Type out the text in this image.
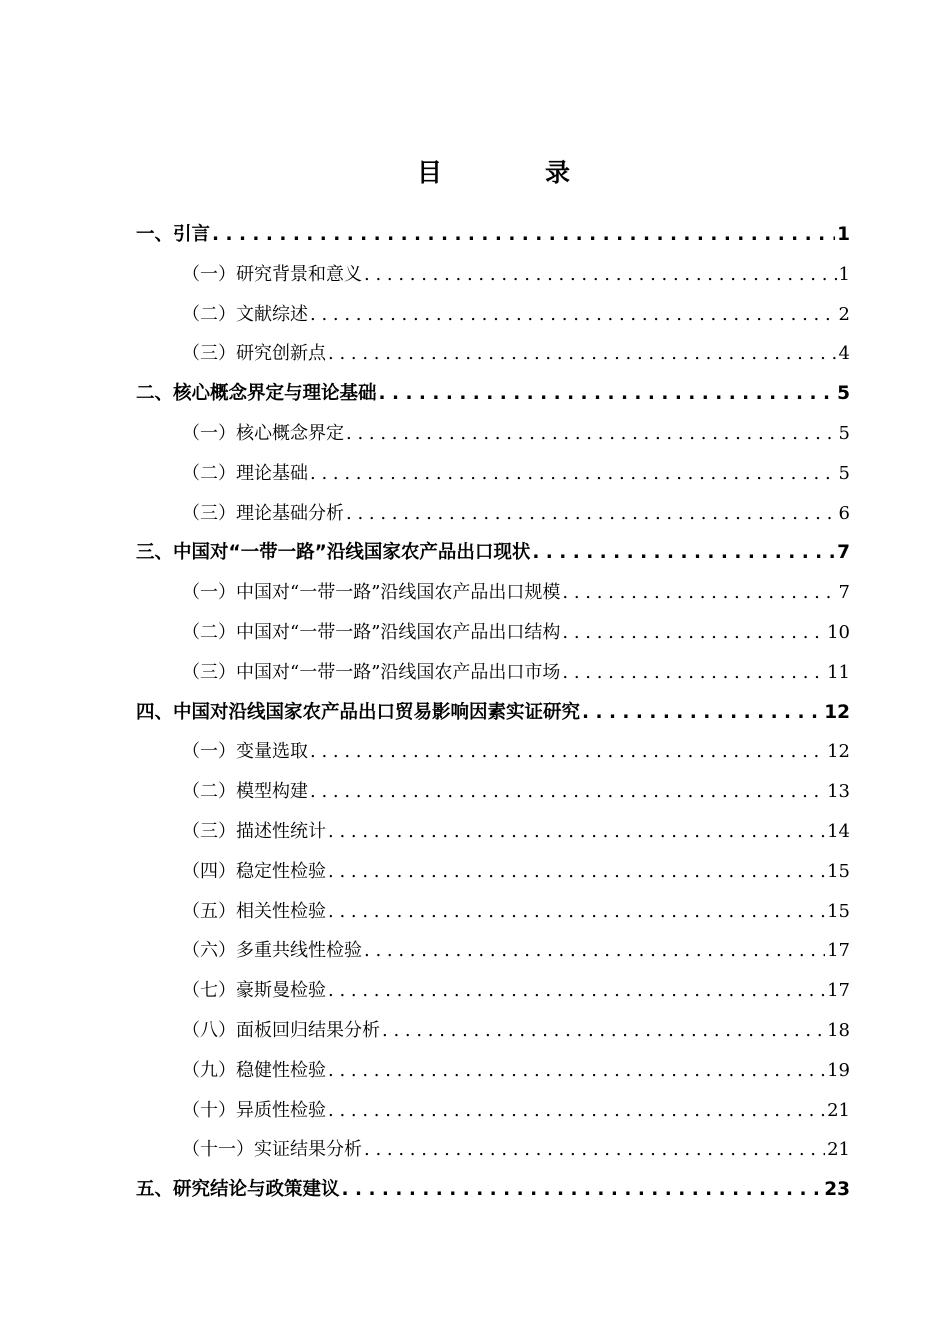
目	录
一、引言 . . .	1
（一）研究背景和意义 . . .	1
（二）文献综述 . . .	2
（三）研究创新点 . . .	4
二、核心概念界定与理论基础 . . .	5
（一）核心概念界定 . . .	5
（二）理论基础 . . .	5
（三）理论基础分析 . . .	6
三、中国对“一带一路”沿线国家农产品出口现状 . . .	7
（一）中国对“一带一路”沿线国农产品出口规模 . . .	7
（二）中国对“一带一路”沿线国农产品出口结构 . . .	10
（三）中国对“一带一路”沿线国农产品出口市场 . . .	11
四、中国对沿线国家农产品出口贸易影响因素实证研究 . . .	12
（一）变量选取 . . .	12
（二）模型构建 . . .	13
（三）描述性统计 . . .	14
（四）稳定性检验 . . .	15
（五）相关性检验 . . .	15
（六）多重共线性检验 . . .	17
（七）豪斯曼检验 . . .	17
（八）面板回归结果分析 . . .	18
（九）稳健性检验 . . .	19
（十）异质性检验 . . .	21
（十一）实证结果分析 . . .	21
五、研究结论与政策建议 . . .	23
